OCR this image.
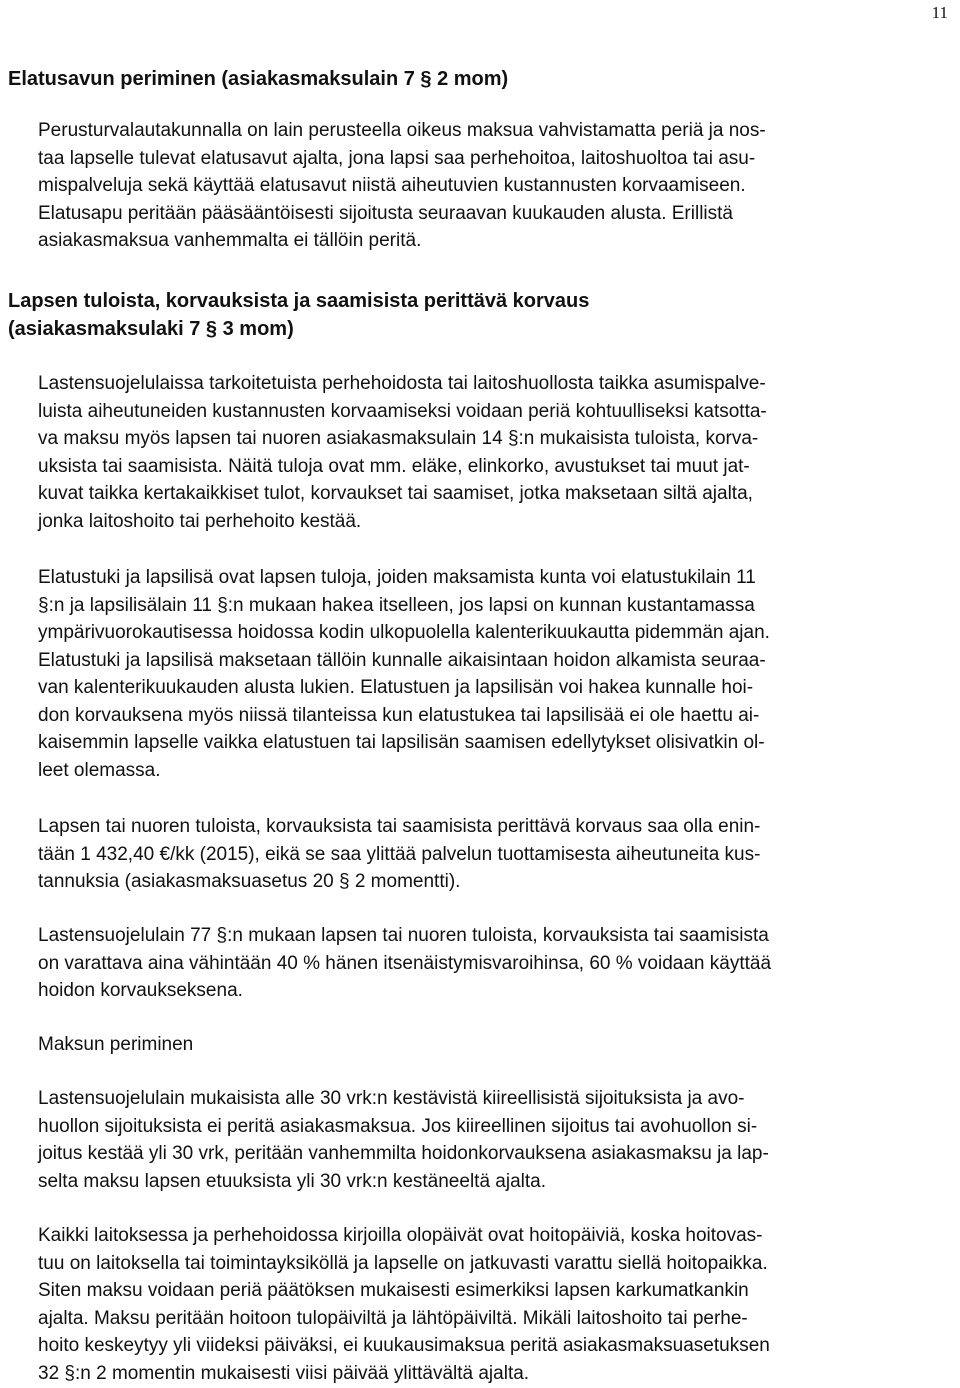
11
Elatusavun periminen (asiakasmaksulain 7 § 2 mom)

Perusturvalautakunnalla on lain perusteella oikeus maksua vahvistamatta periä ja nos-
taa lapselle tulevat elatusavut ajalta, jona lapsi saa perhehoitoa, laitoshuoltoa tai asu-
mispalveluja sekä käyttää elatusavut niistä aiheutuvien kustannusten korvaamiseen.
Elatusapu peritään pääsääntöisesti sijoitusta seuraavan kuukauden alusta. Erillistä
asiakasmaksua vanhemmalta ei tällöin peritä.

Lapsen tuloista, korvauksista ja saamisista perittävä korvaus
(asiakasmaksulaki 7 § 3 mom)

Lastensuojelulaissa tarkoitetuista perhehoidosta tai laitoshuollosta taikka asumispalve-
luista aiheutuneiden kustannusten korvaamiseksi voidaan periä kohtuulliseksi katsotta-
va maksu myös lapsen tai nuoren asiakasmaksulain 14 §:n mukaisista tuloista, korva-
uksista tai saamisista. Näitä tuloja ovat mm. eläke, elinkorko, avustukset tai muut jat-
kuvat taikka kertakaikkiset tulot, korvaukset tai saamiset, jotka maksetaan siltä ajalta,
jonka laitoshoito tai perhehoito kestää.

Elatustuki ja lapsilisä ovat lapsen tuloja, joiden maksamista kunta voi elatustukilain 11
§:n ja lapsilisälain 11 §:n mukaan hakea itselleen, jos lapsi on kunnan kustantamassa
ympärivuorokautisessa hoidossa kodin ulkopuolella kalenterikuukautta pidemmän ajan.
Elatustuki ja lapsilisä maksetaan tällöin kunnalle aikaisintaan hoidon alkamista seuraa-
van kalenterikuukauden alusta lukien. Elatustuen ja lapsilisän voi hakea kunnalle hoi-
don korvauksena myös niissä tilanteissa kun elatustukea tai lapsilisää ei ole haettu ai-
kaisemmin lapselle vaikka elatustuen tai lapsilisän saamisen edellytykset olisivatkin ol-
leet olemassa.

Lapsen tai nuoren tuloista, korvauksista tai saamisista perittävä korvaus saa olla enin-
tään 1 432,40 €/kk (2015), eikä se saa ylittää palvelun tuottamisesta aiheutuneita kus-
tannuksia (asiakasmaksuasetus 20 § 2 momentti).

Lastensuojelulain 77 §:n mukaan lapsen tai nuoren tuloista, korvauksista tai saamisista
on varattava aina vähintään 40 % hänen itsenäistymisvaroihinsa, 60 % voidaan käyttää
hoidon korvaukseksena.

Maksun periminen

Lastensuojelulain mukaisista alle 30 vrk:n kestävistä kiireellisistä sijoituksista ja avo-
huollon sijoituksista ei peritä asiakasmaksua. Jos kiireellinen sijoitus tai avohuollon si-
joitus kestää yli 30 vrk, peritään vanhemmilta hoidonkorvauksena asiakasmaksu ja lap-
selta maksu lapsen etuuksista yli 30 vrk:n kestäneeltä ajalta.

Kaikki laitoksessa ja perhehoidossa kirjoilla olopäivät ovat hoitopäiviä, koska hoitovas-
tuu on laitoksella tai toimintayksiköllä ja lapselle on jatkuvasti varattu siellä hoitopaikka.
Siten maksu voidaan periä päätöksen mukaisesti esimerkiksi lapsen karkumatkankin
ajalta. Maksu peritään hoitoon tulopäiviltä ja lähtöpäiviltä. Mikäli laitoshoito tai perhe-
hoito keskeytyy yli viideksi päiväksi, ei kuukausimaksua peritä asiakasmaksuasetuksen
32 §:n 2 momentin mukaisesti viisi päivää ylittävältä ajalta.
